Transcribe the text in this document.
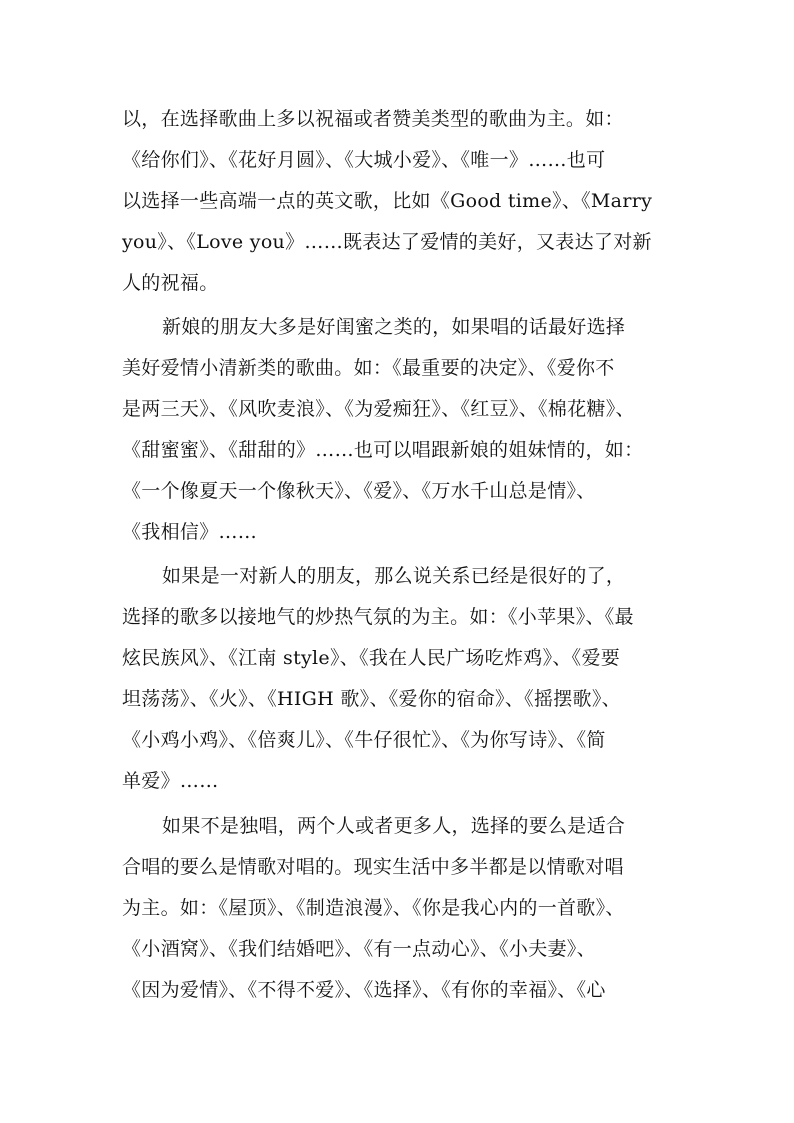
以，在选择歌曲上多以祝福或者赞美类型的歌曲为主。如：
《给你们》、《花好月圆》、《大城小爱》、《唯一》……也可
以选择一些高端一点的英文歌，比如《Good time》、《Marry
you》、《Love you》……既表达了爱情的美好，又表达了对新
人的祝福。
新娘的朋友大多是好闺蜜之类的，如果唱的话最好选择
美好爱情小清新类的歌曲。如：《最重要的决定》、《爱你不
是两三天》、《风吹麦浪》、《为爱痴狂》、《红豆》、《棉花糖》、
《甜蜜蜜》、《甜甜的》……也可以唱跟新娘的姐妹情的，如：
《一个像夏天一个像秋天》、《爱》、《万水千山总是情》、
《我相信》……
如果是一对新人的朋友，那么说关系已经是很好的了，
选择的歌多以接地气的炒热气氛的为主。如：《小苹果》、《最
炫民族风》、《江南 style》、《我在人民广场吃炸鸡》、《爱要
坦荡荡》、《火》、《HIGH 歌》、《爱你的宿命》、《摇摆歌》、
《小鸡小鸡》、《倍爽儿》、《牛仔很忙》、《为你写诗》、《简
单爱》……
如果不是独唱，两个人或者更多人，选择的要么是适合
合唱的要么是情歌对唱的。现实生活中多半都是以情歌对唱
为主。如：《屋顶》、《制造浪漫》、《你是我心内的一首歌》、
《小酒窝》、《我们结婚吧》、《有一点动心》、《小夫妻》、
《因为爱情》、《不得不爱》、《选择》、《有你的幸福》、《心
